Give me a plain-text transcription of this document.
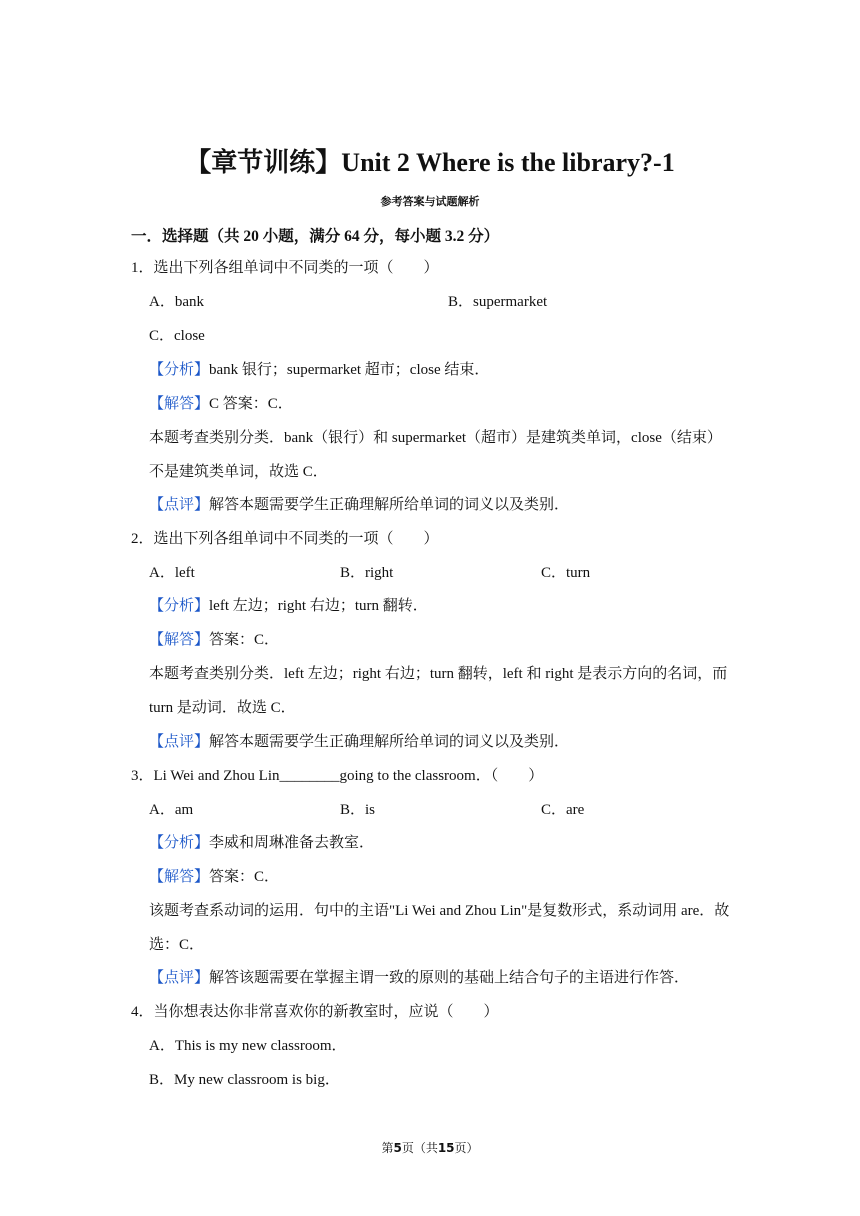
【章节训练】Unit 2 Where is the library?-1
参考答案与试题解析
一．选择题（共 20 小题，满分 64 分，每小题 3.2 分）
1．选出下列各组单词中不同类的一项（　　）
A．bank	B．supermarket
C．close
【分析】bank 银行；supermarket 超市；close 结束．
【解答】C 答案：C．
本题考查类别分类．bank（银行）和 supermarket（超市）是建筑类单词，close（结束）
不是建筑类单词，故选 C．
【点评】解答本题需要学生正确理解所给单词的词义以及类别．
2．选出下列各组单词中不同类的一项（　　）
A．left	B．right	C．turn
【分析】left 左边；right 右边；turn 翻转．
【解答】答案：C．
本题考查类别分类．left 左边；right 右边；turn 翻转，left 和 right 是表示方向的名词，而
turn 是动词．故选 C．
【点评】解答本题需要学生正确理解所给单词的词义以及类别．
3．Li Wei and Zhou Lin________going to the classroom．（　　）
A．am	B．is	C．are
【分析】李威和周琳准备去教室．
【解答】答案：C．
该题考查系动词的运用．句中的主语"Li Wei and Zhou Lin"是复数形式，系动词用 are．故
选：C．
【点评】解答该题需要在掌握主谓一致的原则的基础上结合句子的主语进行作答．
4．当你想表达你非常喜欢你的新教室时，应说（　　）
A．This is my new classroom．
B．My new classroom is big．
第5页（共15页）
